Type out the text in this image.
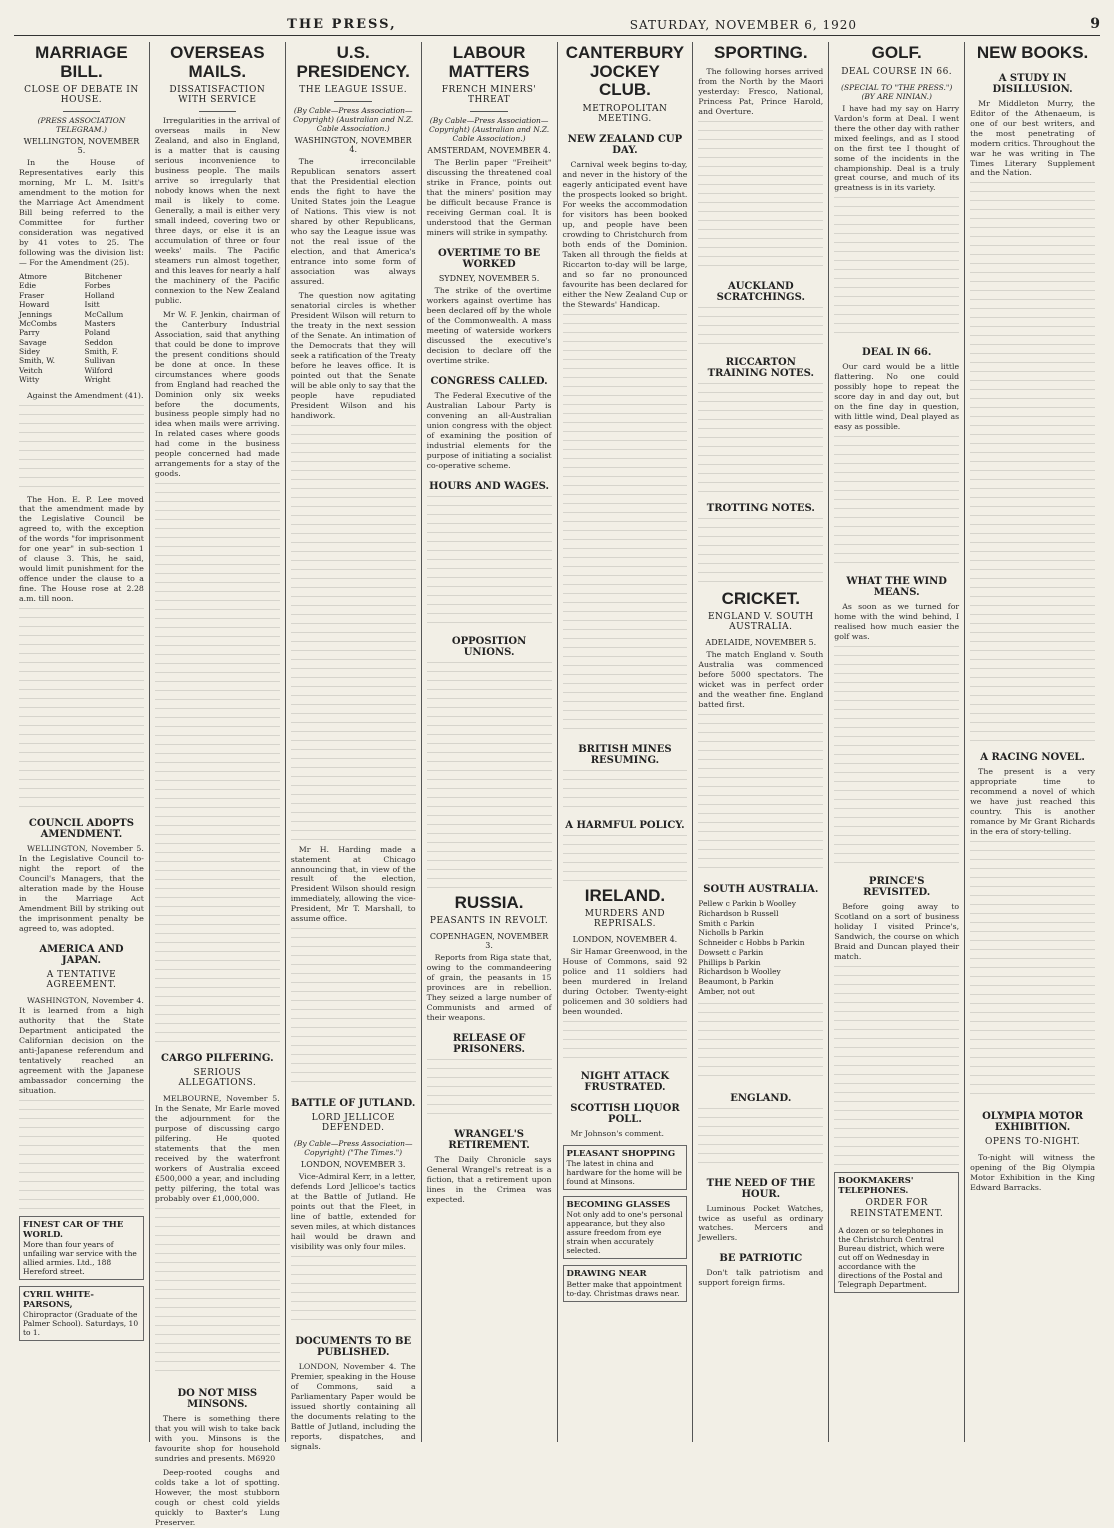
THE PRESS,	SATURDAY, NOVEMBER 6, 1920	9
MARRIAGE BILL.
CLOSE OF DEBATE IN HOUSE.
(PRESS ASSOCIATION TELEGRAM.)
WELLINGTON, NOVEMBER 5.

In the House of Representatives early this morning, Mr L. M. Isitt's amendment to the motion for the Marriage Act Amendment Bill being referred to the Committee for further consideration was negatived by 41 votes to 25. The following was the division list:— For the Amendment (25).

Atmore	Bitchener
Edie	Forbes
Fraser	Holland
Howard	Isitt
Jennings	McCallum
McCombs	Masters
Parry	Poland
Savage	Seddon
Sidey	Smith, F.
Smith, W.	Sullivan
Veitch	Wilford
Witty	Wright

Against the Amendment (41).

The Hon. E. P. Lee moved that the amendment made by the Legislative Council be agreed to, with the exception of the words "for imprisonment for one year" in sub-section 1 of clause 3. This, he said, would limit punishment for the offence under the clause to a fine. The House rose at 2.28 a.m. till noon.

COUNCIL ADOPTS AMENDMENT.

WELLINGTON, November 5. In the Legislative Council to-night the report of the Council's Managers, that the alteration made by the House in the Marriage Act Amendment Bill by striking out the imprisonment penalty be agreed to, was adopted.

AMERICA AND JAPAN.
A TENTATIVE AGREEMENT.

WASHINGTON, November 4. It is learned from a high authority that the State Department anticipated the Californian decision on the anti-Japanese referendum and tentatively reached an agreement with the Japanese ambassador concerning the situation.

FINEST CAR OF THE WORLD.
More than four years of unfailing war service with the allied armies. Ltd., 188 Hereford street.
CYRIL WHITE-PARSONS,
Chiropractor (Graduate of the Palmer School). Saturdays, 10 to 1.
OVERSEAS MAILS.
DISSATISFACTION WITH SERVICE

Irregularities in the arrival of overseas mails in New Zealand, and also in England, is a matter that is causing serious inconvenience to business people. The mails arrive so irregularly that nobody knows when the next mail is likely to come. Generally, a mail is either very small indeed, covering two or three days, or else it is an accumulation of three or four weeks' mails. The Pacific steamers run almost together, and this leaves for nearly a half the machinery of the Pacific connexion to the New Zealand public.

Mr W. F. Jenkin, chairman of the Canterbury Industrial Association, said that anything that could be done to improve the present conditions should be done at once. In these circumstances where goods from England had reached the Dominion only six weeks before the documents, business people simply had no idea when mails were arriving. In related cases where goods had come in the business people concerned had made arrangements for a stay of the goods.

CARGO PILFERING.
SERIOUS ALLEGATIONS.

MELBOURNE, November 5. In the Senate, Mr Earle moved the adjournment for the purpose of discussing cargo pilfering. He quoted statements that the men received by the waterfront workers of Australia exceed £500,000 a year, and including petty pilfering, the total was probably over £1,000,000.

DO NOT MISS MINSONS.

There is something there that you will wish to take back with you. Minsons is the favourite shop for household sundries and presents. M6920

Deep-rooted coughs and colds take a lot of spotting. However, the most stubborn cough or chest cold yields quickly to Baxter's Lung Preserver.

U.S. PRESIDENCY.
THE LEAGUE ISSUE.
(By Cable—Press Association—Copyright) (Australian and N.Z. Cable Association.)
WASHINGTON, NOVEMBER 4.

The irreconcilable Republican senators assert that the Presidential election ends the fight to have the United States join the League of Nations. This view is not shared by other Republicans, who say the League issue was not the real issue of the election, and that America's entrance into some form of association was always assured.

The question now agitating senatorial circles is whether President Wilson will return to the treaty in the next session of the Senate. An intimation of the Democrats that they will seek a ratification of the Treaty before he leaves office. It is pointed out that the Senate will be able only to say that the people have repudiated President Wilson and his handiwork.

Mr H. Harding made a statement at Chicago announcing that, in view of the result of the election, President Wilson should resign immediately, allowing the vice-President, Mr T. Marshall, to assume office.

BATTLE OF JUTLAND.
LORD JELLICOE DEFENDED.
(By Cable—Press Association—Copyright) ("The Times.")
LONDON, NOVEMBER 3.

Vice-Admiral Kerr, in a letter, defends Lord Jellicoe's tactics at the Battle of Jutland. He points out that the Fleet, in line of battle, extended for seven miles, at which distances hail would be drawn and visibility was only four miles.

DOCUMENTS TO BE PUBLISHED.

LONDON, November 4. The Premier, speaking in the House of Commons, said a Parliamentary Paper would be issued shortly containing all the documents relating to the Battle of Jutland, including the reports, dispatches, and signals.

LABOUR MATTERS
FRENCH MINERS' THREAT
(By Cable—Press Association—Copyright) (Australian and N.Z. Cable Association.)
AMSTERDAM, NOVEMBER 4.

The Berlin paper "Freiheit" discussing the threatened coal strike in France, points out that the miners' position may be difficult because France is receiving German coal. It is understood that the German miners will strike in sympathy.

OVERTIME TO BE WORKED
SYDNEY, NOVEMBER 5.

The strike of the overtime workers against overtime has been declared off by the whole of the Commonwealth. A mass meeting of waterside workers discussed the executive's decision to declare off the overtime strike.

CONGRESS CALLED.

The Federal Executive of the Australian Labour Party is convening an all-Australian union congress with the object of examining the position of industrial elements for the purpose of initiating a socialist co-operative scheme.

HOURS AND WAGES.
OPPOSITION UNIONS.
RUSSIA.
PEASANTS IN REVOLT.
COPENHAGEN, NOVEMBER 3.

Reports from Riga state that, owing to the commandeering of grain, the peasants in 15 provinces are in rebellion. They seized a large number of Communists and armed of their weapons.

RELEASE OF PRISONERS.
WRANGEL'S RETIREMENT.

The Daily Chronicle says General Wrangel's retreat is a fiction, that a retirement upon lines in the Crimea was expected.

CANTERBURY JOCKEY CLUB.
METROPOLITAN MEETING.
NEW ZEALAND CUP DAY.

Carnival week begins to-day, and never in the history of the eagerly anticipated event have the prospects looked so bright. For weeks the accommodation for visitors has been booked up, and people have been crowding to Christchurch from both ends of the Dominion. Taken all through the fields at Riccarton to-day will be large, and so far no pronounced favourite has been declared for either the New Zealand Cup or the Stewards' Handicap.

BRITISH MINES RESUMING.
A HARMFUL POLICY.
IRELAND.
MURDERS AND REPRISALS.
LONDON, NOVEMBER 4.

Sir Hamar Greenwood, in the House of Commons, said 92 police and 11 soldiers had been murdered in Ireland during October. Twenty-eight policemen and 30 soldiers had been wounded.

NIGHT ATTACK FRUSTRATED.
SCOTTISH LIQUOR POLL.

Mr Johnson's comment.

PLEASANT SHOPPING
The latest in china and hardware for the home will be found at Minsons.
BECOMING GLASSES
Not only add to one's personal appearance, but they also assure freedom from eye strain when accurately selected.
DRAWING NEAR
Better make that appointment to-day. Christmas draws near.
SPORTING.

The following horses arrived from the North by the Maori yesterday: Fresco, National, Princess Pat, Prince Harold, and Overture.

AUCKLAND SCRATCHINGS.
RICCARTON TRAINING NOTES.
TROTTING NOTES.
CRICKET.
ENGLAND V. SOUTH AUSTRALIA.
ADELAIDE, NOVEMBER 5.

The match England v. South Australia was commenced before 5000 spectators. The wicket was in perfect order and the weather fine. England batted first.

SOUTH AUSTRALIA.
Pellew c Parkin b Woolley
Richardson b Russell
Smith c Parkin
Nicholls b Parkin
Schneider c Hobbs b Parkin
Dowsett c Parkin
Phillips b Parkin
Richardson b Woolley
Beaumont, b Parkin
Amber, not out
ENGLAND.
THE NEED OF THE HOUR.

Luminous Pocket Watches, twice as useful as ordinary watches. Mercers and Jewellers.

BE PATRIOTIC

Don't talk patriotism and support foreign firms.

GOLF.
DEAL COURSE IN 66.
(SPECIAL TO "THE PRESS.") (BY ARE NINIAN.)

I have had my say on Harry Vardon's form at Deal. I went there the other day with rather mixed feelings, and as I stood on the first tee I thought of some of the incidents in the championship. Deal is a truly great course, and much of its greatness is in its variety.

DEAL IN 66.

Our card would be a little flattering. No one could possibly hope to repeat the score day in and day out, but on the fine day in question, with little wind, Deal played as easy as possible.

WHAT THE WIND MEANS.

As soon as we turned for home with the wind behind, I realised how much easier the golf was.

PRINCE'S REVISITED.

Before going away to Scotland on a sort of business holiday I visited Prince's, Sandwich, the course on which Braid and Duncan played their match.

BOOKMAKERS' TELEPHONES.
ORDER FOR REINSTATEMENT.
A dozen or so telephones in the Christchurch Central Bureau district, which were cut off on Wednesday in accordance with the directions of the Postal and Telegraph Department.
NEW BOOKS.
A STUDY IN DISILLUSION.

Mr Middleton Murry, the Editor of the Athenaeum, is one of our best writers, and the most penetrating of modern critics. Throughout the war he was writing in The Times Literary Supplement and the Nation.

A RACING NOVEL.

The present is a very appropriate time to recommend a novel of which we have just reached this country. This is another romance by Mr Grant Richards in the era of story-telling.

OLYMPIA MOTOR EXHIBITION.
OPENS TO-NIGHT.

To-night will witness the opening of the Big Olympia Motor Exhibition in the King Edward Barracks.
